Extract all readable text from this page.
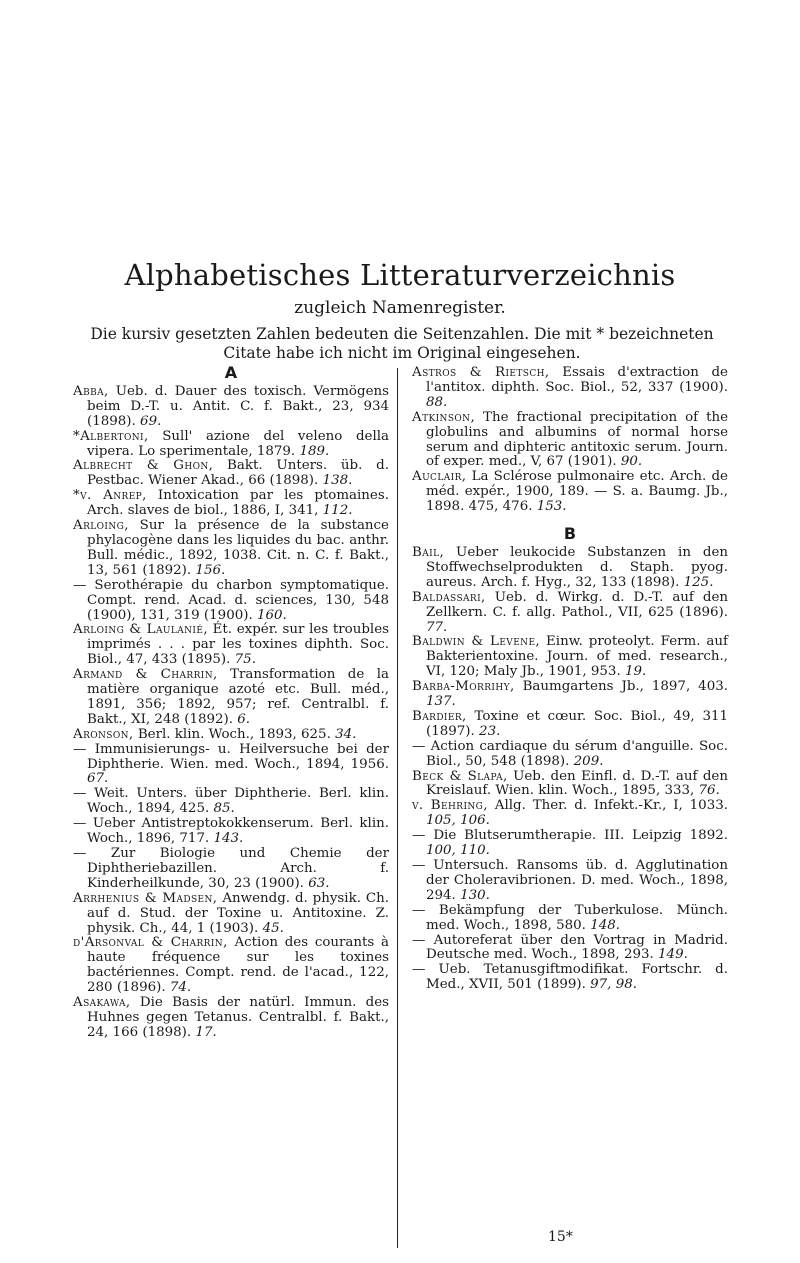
Alphabetisches Litteraturverzeichnis
zugleich Namenregister.
Die kursiv gesetzten Zahlen bedeuten die Seitenzahlen. Die mit * bezeichneten
Citate habe ich nicht im Original eingesehen.
A
Abba, Ueb. d. Dauer des toxisch. Vermögens beim D.-T. u. Antit. C. f. Bakt., 23, 934 (1898). 69.
*Albertoni, Sull' azione del veleno della vipera. Lo sperimentale, 1879. 189.
Albrecht & Ghon, Bakt. Unters. üb. d. Pestbac. Wiener Akad., 66 (1898). 138.
*v. Anrep, Intoxication par les ptomaines. Arch. slaves de biol., 1886, I, 341, 112.
Arloing, Sur la présence de la substance phylacogène dans les liquides du bac. anthr. Bull. médic., 1892, 1038. Cit. n. C. f. Bakt., 13, 561 (1892). 156.
— Serothérapie du charbon symptomatique. Compt. rend. Acad. d. sciences, 130, 548 (1900), 131, 319 (1900). 160.
Arloing & Laulanié, Ét. expér. sur les troubles imprimés . . . par les toxines diphth. Soc. Biol., 47, 433 (1895). 75.
Armand & Charrin, Transformation de la matière organique azoté etc. Bull. méd., 1891, 356; 1892, 957; ref. Centralbl. f. Bakt., XI, 248 (1892). 6.
Aronson, Berl. klin. Woch., 1893, 625. 34.
— Immunisierungs- u. Heilversuche bei der Diphtherie. Wien. med. Woch., 1894, 1956. 67.
— Weit. Unters. über Diphtherie. Berl. klin. Woch., 1894, 425. 85.
— Ueber Antistreptokokkenserum. Berl. klin. Woch., 1896, 717. 143.
— Zur Biologie und Chemie der Diphtheriebazillen. Arch. f. Kinderheilkunde, 30, 23 (1900). 63.
Arrhenius & Madsen, Anwendg. d. physik. Ch. auf d. Stud. der Toxine u. Antitoxine. Z. physik. Ch., 44, 1 (1903). 45.
d'Arsonval & Charrin, Action des courants à haute fréquence sur les toxines bactériennes. Compt. rend. de l'acad., 122, 280 (1896). 74.
Asakawa, Die Basis der natürl. Immun. des Huhnes gegen Tetanus. Centralbl. f. Bakt., 24, 166 (1898). 17.
Astros & Rietsch, Essais d'extraction de l'antitox. diphth. Soc. Biol., 52, 337 (1900). 88.
Atkinson, The fractional precipitation of the globulins and albumins of normal horse serum and diphteric antitoxic serum. Journ. of exper. med., V, 67 (1901). 90.
Auclair, La Sclérose pulmonaire etc. Arch. de méd. expér., 1900, 189. — S. a. Baumg. Jb., 1898. 475, 476. 153.
B
Bail, Ueber leukocide Substanzen in den Stoffwechselprodukten d. Staph. pyog. aureus. Arch. f. Hyg., 32, 133 (1898). 125.
Baldassari, Ueb. d. Wirkg. d. D.-T. auf den Zellkern. C. f. allg. Pathol., VII, 625 (1896). 77.
Baldwin & Levene, Einw. proteolyt. Ferm. auf Bakterientoxine. Journ. of med. research., VI, 120; Maly Jb., 1901, 953. 19.
Barba-Morrihy, Baumgartens Jb., 1897, 403. 137.
Bardier, Toxine et cœur. Soc. Biol., 49, 311 (1897). 23.
— Action cardiaque du sérum d'anguille. Soc. Biol., 50, 548 (1898). 209.
Beck & Slapa, Ueb. den Einfl. d. D.-T. auf den Kreislauf. Wien. klin. Woch., 1895, 333, 76.
v. Behring, Allg. Ther. d. Infekt.-Kr., I, 1033. 105, 106.
— Die Blutserumtherapie. III. Leipzig 1892. 100, 110.
— Untersuch. Ransoms üb. d. Agglutination der Choleravibrionen. D. med. Woch., 1898, 294. 130.
— Bekämpfung der Tuberkulose. Münch. med. Woch., 1898, 580. 148.
— Autoreferat über den Vortrag in Madrid. Deutsche med. Woch., 1898, 293. 149.
— Ueb. Tetanusgiftmodifikat. Fortschr. d. Med., XVII, 501 (1899). 97, 98.
15*
